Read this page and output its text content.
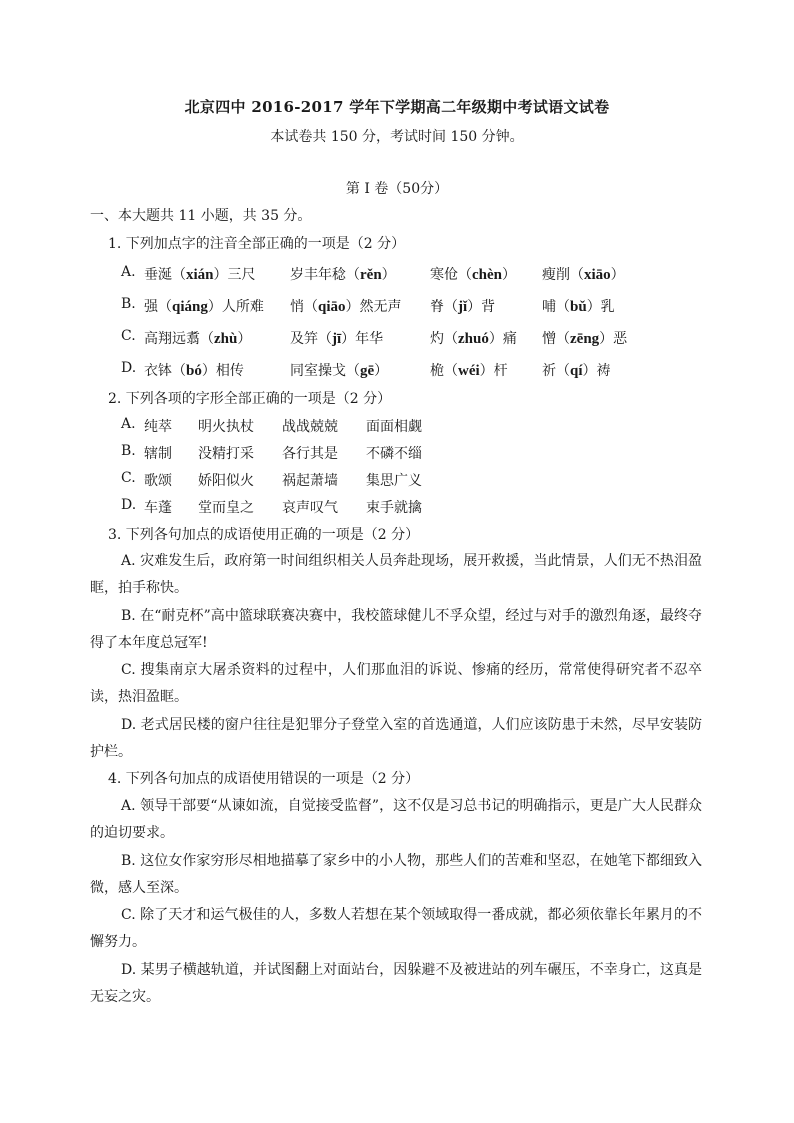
北京四中 2016-2017 学年下学期高二年级期中考试语文试卷
本试卷共 150 分，考试时间 150 分钟。
第 I 卷（50分）
一、本大题共 11 小题，共 35 分。
1. 下列加点字的注音全部正确的一项是（2 分）
A. 垂涎（xián）三尺 岁丰年稔（rěn） 寒伧（chèn） 瘦削（xiāo）
B. 强（qiáng）人所难 悄（qiāo）然无声 脊（jǐ）背	哺（bǔ）乳
C. 高翔远翥（zhù）	及笄（jī）年华	灼（zhuó）痛 憎（zēng）恶
D. 衣钵（bó）相传	同室操戈（gē）	桅（wéi）杆 祈（qí）祷
2. 下列各项的字形全部正确的一项是（2 分）
A. 纯萃 明火执杖 战战兢兢 面面相觑
B. 辖制 没精打采 各行其是 不磷不缁
C. 歌颂 娇阳似火 祸起萧墙 集思广义
D. 车蓬 堂而皇之 哀声叹气 束手就擒
3. 下列各句加点的成语使用正确的一项是（2 分）
A. 灾难发生后，政府第一时间组织相关人员奔赴现场，展开救援，当此情景，人们无不热泪盈眶，拍手称快。
B. 在“耐克杯”高中篮球联赛决赛中，我校篮球健儿不孚众望，经过与对手的激烈角逐，最终夺得了本年度总冠军!
C. 搜集南京大屠杀资料的过程中，人们那血泪的诉说、惨痛的经历，常常使得研究者不忍卒读，热泪盈眶。
D. 老式居民楼的窗户往往是犯罪分子登堂入室的首选通道，人们应该防患于未然，尽早安装防护栏。
4. 下列各句加点的成语使用错误的一项是（2 分）
A. 领导干部要“从谏如流，自觉接受监督”，这不仅是习总书记的明确指示，更是广大人民群众的迫切要求。
B. 这位女作家穷形尽相地描摹了家乡中的小人物，那些人们的苦难和坚忍，在她笔下都细致入微，感人至深。
C. 除了天才和运气极佳的人，多数人若想在某个领域取得一番成就，都必须依靠长年累月的不懈努力。
D. 某男子横越轨道，并试图翻上对面站台，因躲避不及被进站的列车碾压，不幸身亡，这真是无妄之灾。
